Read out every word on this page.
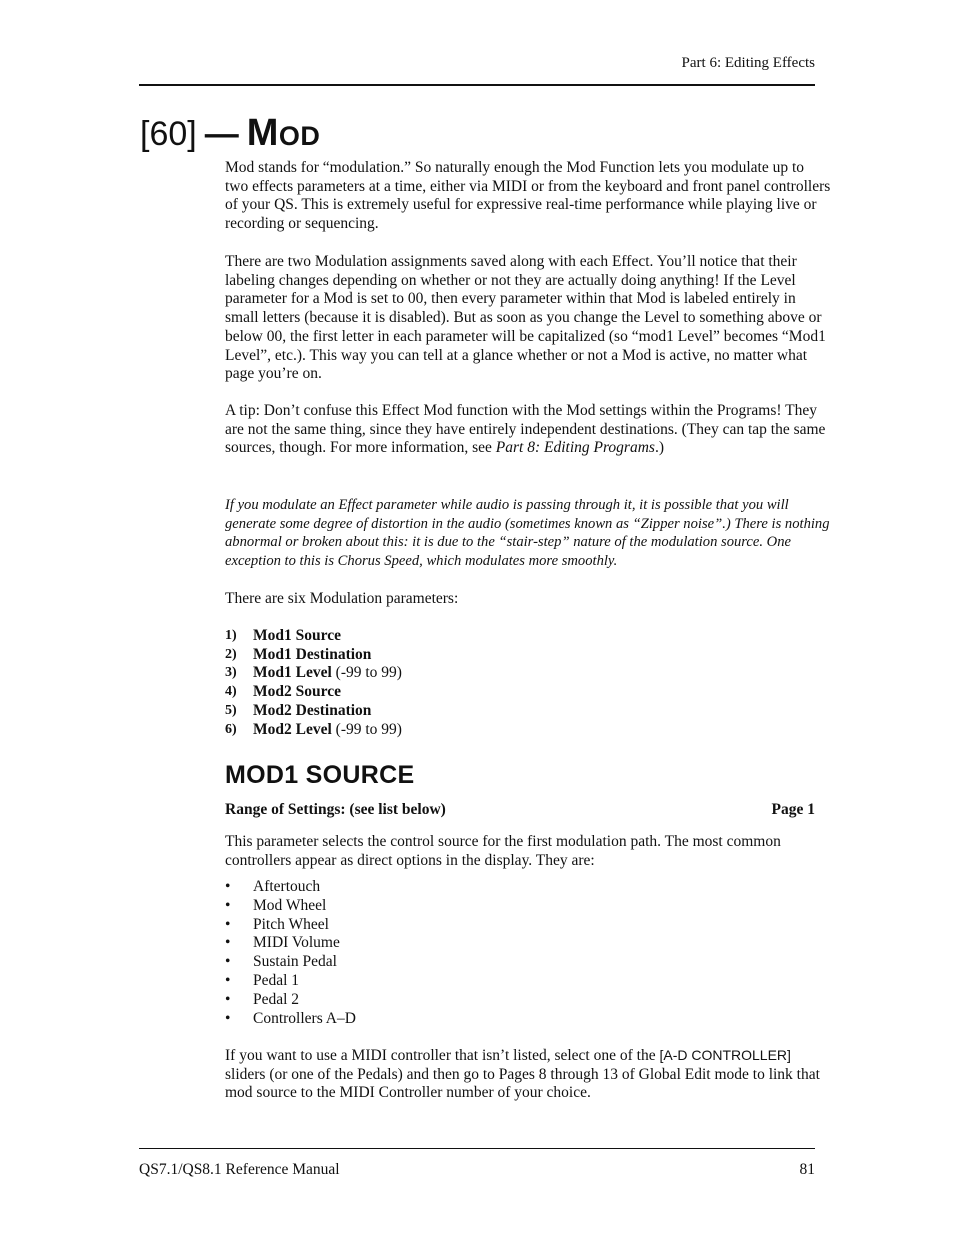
Part 6: Editing Effects
[60] — Mod

Mod stands for “modulation.” So naturally enough the Mod Function lets you modulate up to two effects parameters at a time, either via MIDI or from the keyboard and front panel controllers of your QS. This is extremely useful for expressive real-time performance while playing live or recording or sequencing.

There are two Modulation assignments saved along with each Effect. You’ll notice that their labeling changes depending on whether or not they are actually doing anything! If the Level parameter for a Mod is set to 00, then every parameter within that Mod is labeled entirely in small letters (because it is disabled). But as soon as you change the Level to something above or below 00, the first letter in each parameter will be capitalized (so “mod1 Level” becomes “Mod1 Level”, etc.). This way you can tell at a glance whether or not a Mod is active, no matter what page you’re on.

A tip: Don’t confuse this Effect Mod function with the Mod settings within the Programs! They are not the same thing, since they have entirely independent destinations. (They can tap the same sources, though. For more information, see Part 8: Editing Programs.)

If you modulate an Effect parameter while audio is passing through it, it is possible that you will generate some degree of distortion in the audio (sometimes known as “Zipper noise”.) There is nothing abnormal or broken about this: it is due to the “stair-step” nature of the modulation source. One exception to this is Chorus Speed, which modulates more smoothly.

There are six Modulation parameters:

1)	Mod1 Source
2)	Mod1 Destination
3)	Mod1 Level (-99 to 99)
4)	Mod2 Source
5)	Mod2 Destination
6)	Mod2 Level (-99 to 99)
MOD1 SOURCE
Range of Settings: (see list below)	Page 1

This parameter selects the control source for the first modulation path. The most common controllers appear as direct options in the display. They are:

•	Aftertouch
•	Mod Wheel
•	Pitch Wheel
•	MIDI Volume
•	Sustain Pedal
•	Pedal 1
•	Pedal 2
•	Controllers A–D

If you want to use a MIDI controller that isn’t listed, select one of the [A-D CONTROLLER] sliders (or one of the Pedals) and then go to Pages 8 through 13 of Global Edit mode to link that mod source to the MIDI Controller number of your choice.

QS7.1/QS8.1 Reference Manual	81
